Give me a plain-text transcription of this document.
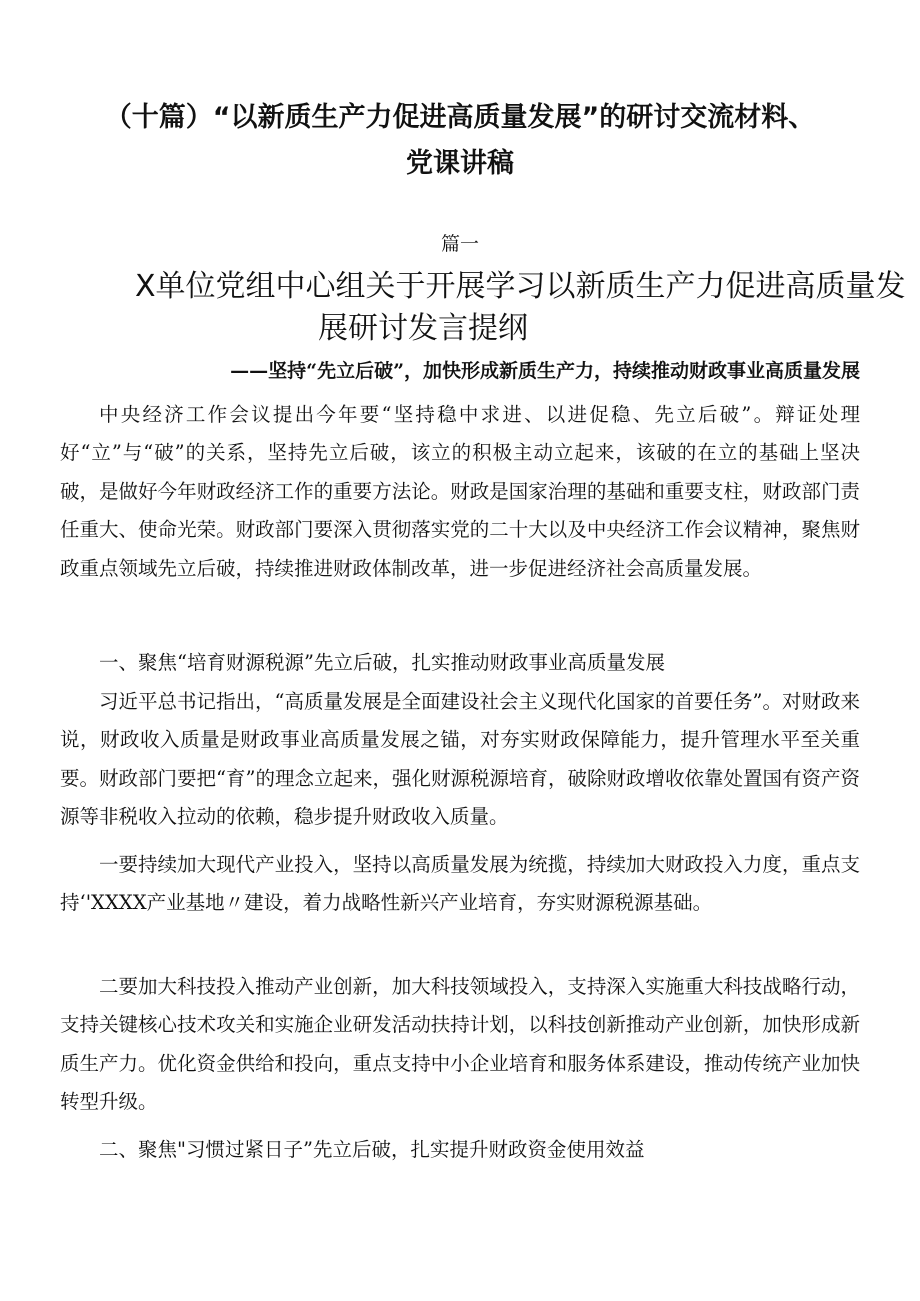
（十篇）“以新质生产力促进高质量发展”的研讨交流材料、
党课讲稿
篇一
X单位党组中心组关于开展学习以新质生产力促进高质量发
展研讨发言提纲
——坚持“先立后破”，加快形成新质生产力，持续推动财政事业高质量发展

中央经济工作会议提出今年要“坚持稳中求进、以进促稳、先立后破”。辩证处理好“立”与“破”的关系，坚持先立后破，该立的积极主动立起来，该破的在立的基础上坚决破，是做好今年财政经济工作的重要方法论。财政是国家治理的基础和重要支柱，财政部门责任重大、使命光荣。财政部门要深入贯彻落实党的二十大以及中央经济工作会议精神，聚焦财政重点领域先立后破，持续推进财政体制改革，进一步促进经济社会高质量发展。

一、聚焦“培育财源税源”先立后破，扎实推动财政事业高质量发展

习近平总书记指出，“高质量发展是全面建设社会主义现代化国家的首要任务”。对财政来说，财政收入质量是财政事业高质量发展之锚，对夯实财政保障能力，提升管理水平至关重要。财政部门要把“育”的理念立起来，强化财源税源培育，破除财政增收依靠处置国有资产资源等非税收入拉动的依赖，稳步提升财政收入质量。

一要持续加大现代产业投入，坚持以高质量发展为统揽，持续加大财政投入力度，重点支持‘'XXXX产业基地〃建设，着力战略性新兴产业培育，夯实财源税源基础。

二要加大科技投入推动产业创新，加大科技领域投入，支持深入实施重大科技战略行动，支持关键核心技术攻关和实施企业研发活动扶持计划，以科技创新推动产业创新，加快形成新质生产力。优化资金供给和投向，重点支持中小企业培育和服务体系建设，推动传统产业加快转型升级。

二、聚焦"习惯过紧日子”先立后破，扎实提升财政资金使用效益
